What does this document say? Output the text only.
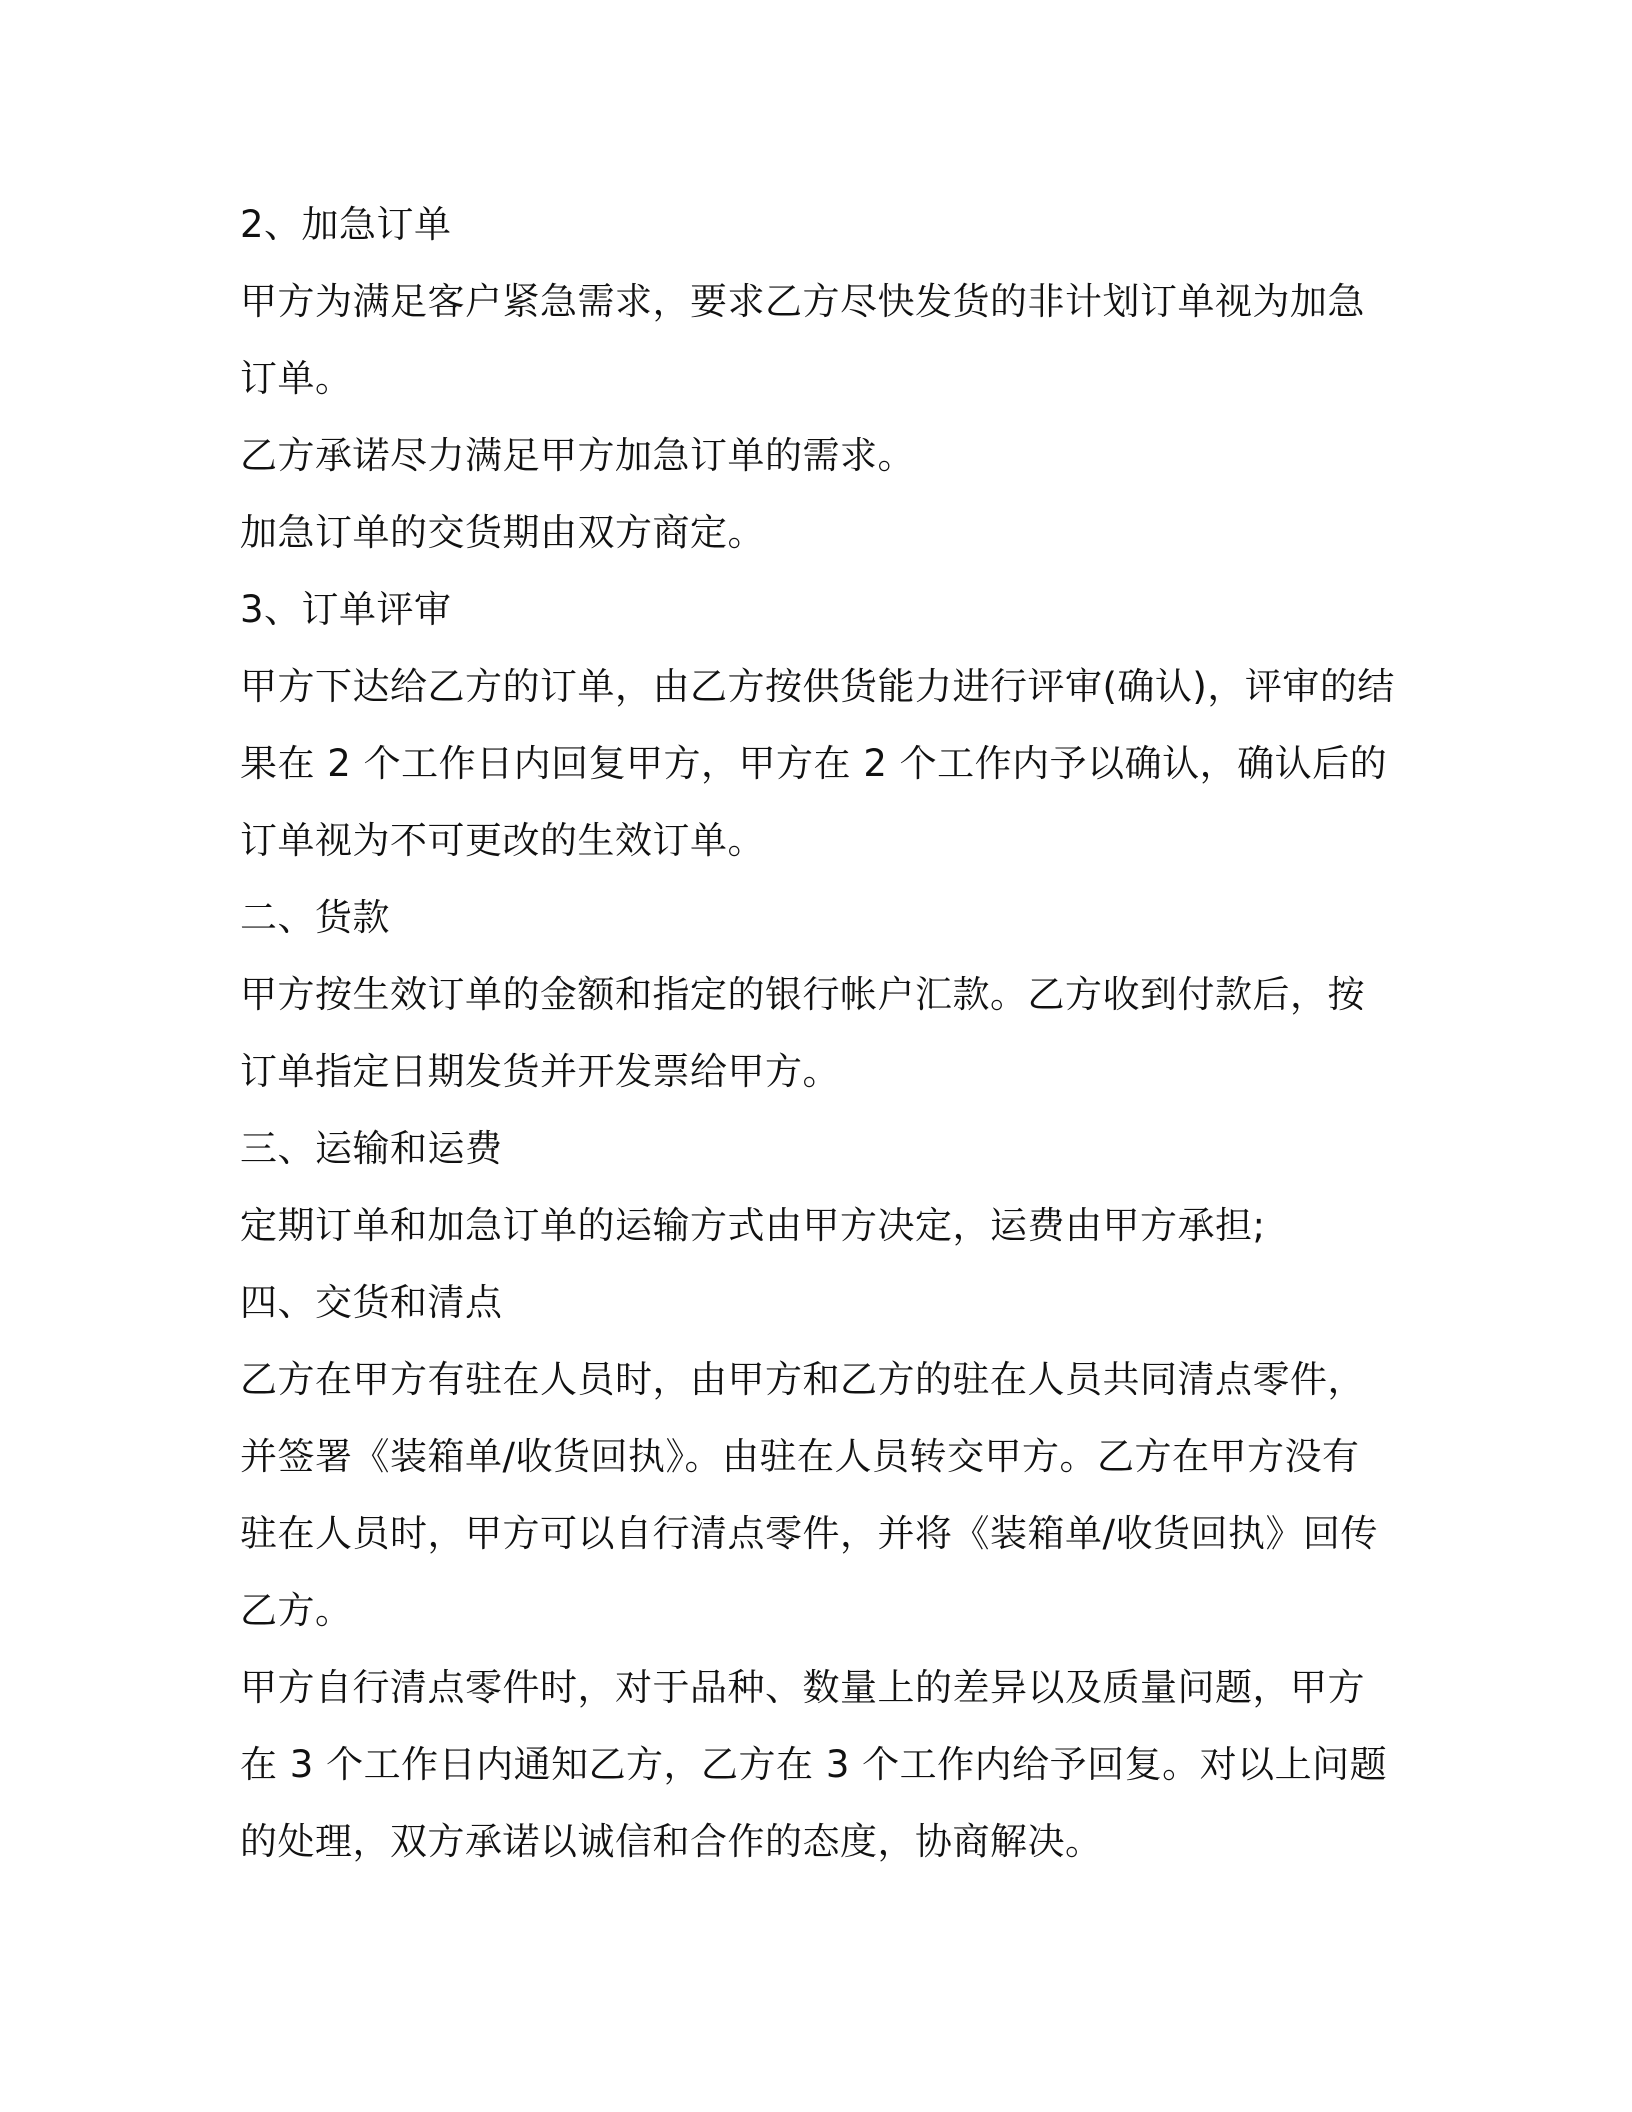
2、加急订单
甲方为满足客户紧急需求，要求乙方尽快发货的非计划订单视为加急
订单。
乙方承诺尽力满足甲方加急订单的需求。
加急订单的交货期由双方商定。
3、订单评审
甲方下达给乙方的订单，由乙方按供货能力进行评审(确认)，评审的结
果在 2 个工作日内回复甲方，甲方在 2 个工作内予以确认，确认后的
订单视为不可更改的生效订单。
二、货款
甲方按生效订单的金额和指定的银行帐户汇款。乙方收到付款后，按
订单指定日期发货并开发票给甲方。
三、运输和运费
定期订单和加急订单的运输方式由甲方决定，运费由甲方承担;
四、交货和清点
乙方在甲方有驻在人员时，由甲方和乙方的驻在人员共同清点零件，
并签署《装箱单/收货回执》。由驻在人员转交甲方。乙方在甲方没有
驻在人员时，甲方可以自行清点零件，并将《装箱单/收货回执》回传
乙方。
甲方自行清点零件时，对于品种、数量上的差异以及质量问题，甲方
在 3 个工作日内通知乙方，乙方在 3 个工作内给予回复。对以上问题
的处理，双方承诺以诚信和合作的态度，协商解决。
